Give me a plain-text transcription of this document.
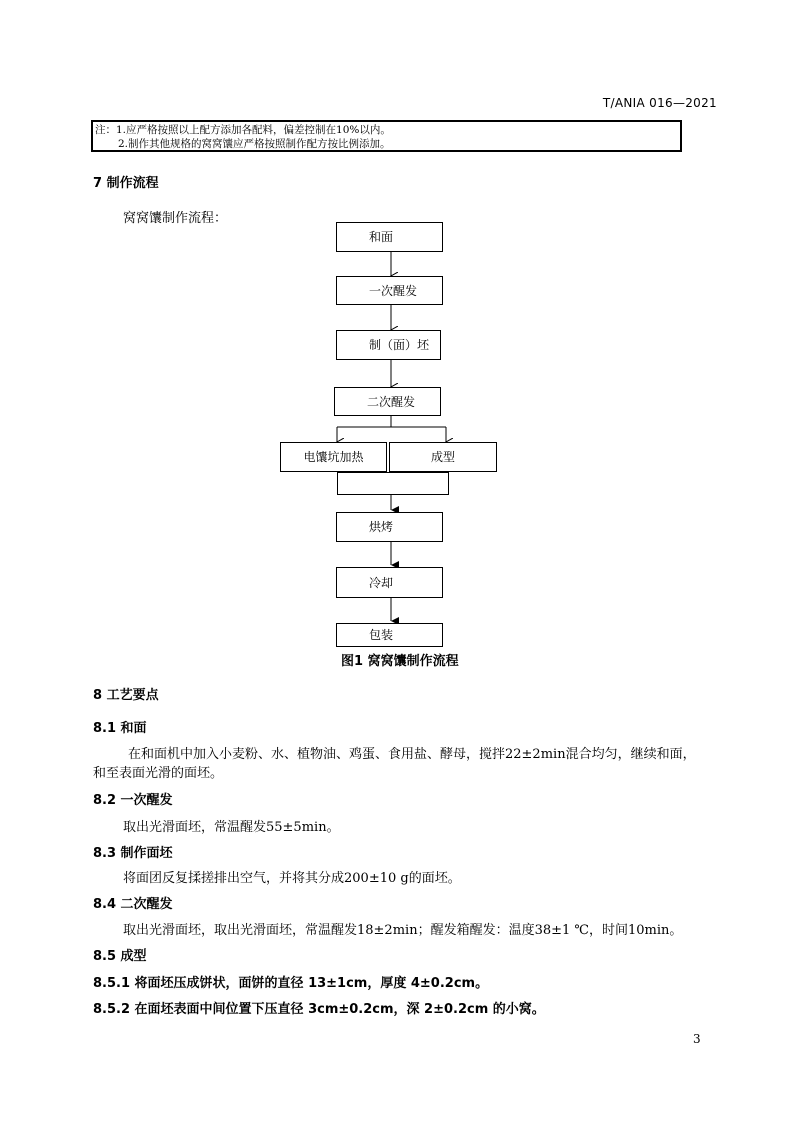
T/ANIA 016—2021
注：1.应严格按照以上配方添加各配料，偏差控制在10%以内。
2.制作其他规格的窝窝馕应严格按照制作配方按比例添加。
7 制作流程
窝窝馕制作流程：
和面
一次醒发
制（面）坯
二次醒发
电馕坑加热	成型
烘烤
冷却
包装
图1 窝窝馕制作流程
8 工艺要点
8.1 和面
在和面机中加入小麦粉、水、植物油、鸡蛋、食用盐、酵母，搅拌22±2min混合均匀，继续和面，
和至表面光滑的面坯。
8.2 一次醒发
取出光滑面坯，常温醒发55±5min。
8.3 制作面坯
将面团反复揉搓排出空气，并将其分成200±10 g的面坯。
8.4 二次醒发
取出光滑面坯，取出光滑面坯，常温醒发18±2min；醒发箱醒发：温度38±1 ℃，时间10min。
8.5 成型
8.5.1 将面坯压成饼状，面饼的直径 13±1cm，厚度 4±0.2cm。
8.5.2 在面坯表面中间位置下压直径 3cm±0.2cm，深 2±0.2cm 的小窝。
3
